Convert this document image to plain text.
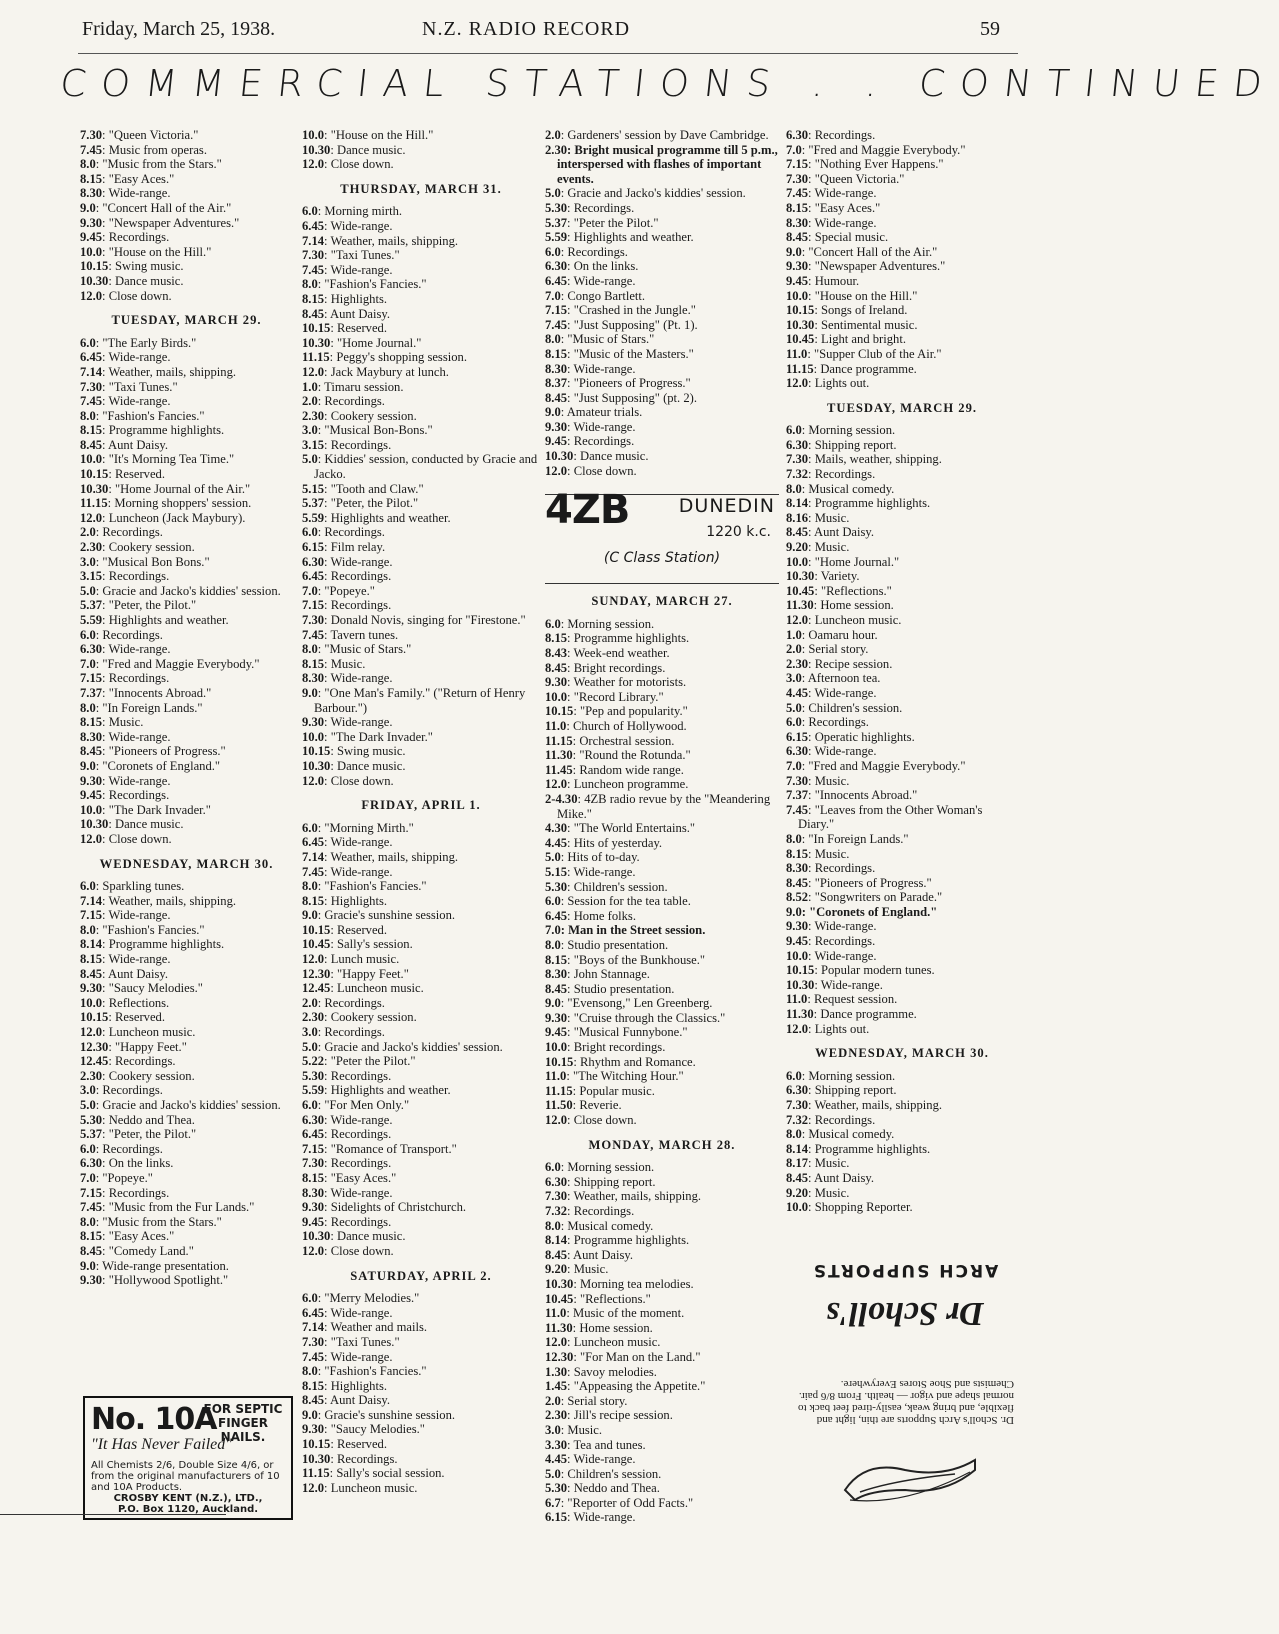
Friday, March 25, 1938.	N.Z. RADIO RECORD	59
COMMERCIAL STATIONS . . CONTINUED

7.30: "Queen Victoria."

7.45: Music from operas.

8.0: "Music from the Stars."

8.15: "Easy Aces."

8.30: Wide-range.

9.0: "Concert Hall of the Air."

9.30: "Newspaper Adventures."

9.45: Recordings.

10.0: "House on the Hill."

10.15: Swing music.

10.30: Dance music.

12.0: Close down.

TUESDAY, MARCH 29.

6.0: "The Early Birds."

6.45: Wide-range.

7.14: Weather, mails, shipping.

7.30: "Taxi Tunes."

7.45: Wide-range.

8.0: "Fashion's Fancies."

8.15: Programme highlights.

8.45: Aunt Daisy.

10.0: "It's Morning Tea Time."

10.15: Reserved.

10.30: "Home Journal of the Air."

11.15: Morning shoppers' session.

12.0: Luncheon (Jack Maybury).

2.0: Recordings.

2.30: Cookery session.

3.0: "Musical Bon Bons."

3.15: Recordings.

5.0: Gracie and Jacko's kiddies' session.

5.37: "Peter, the Pilot."

5.59: Highlights and weather.

6.0: Recordings.

6.30: Wide-range.

7.0: "Fred and Maggie Everybody."

7.15: Recordings.

7.37: "Innocents Abroad."

8.0: "In Foreign Lands."

8.15: Music.

8.30: Wide-range.

8.45: "Pioneers of Progress."

9.0: "Coronets of England."

9.30: Wide-range.

9.45: Recordings.

10.0: "The Dark Invader."

10.30: Dance music.

12.0: Close down.

WEDNESDAY, MARCH 30.

6.0: Sparkling tunes.

7.14: Weather, mails, shipping.

7.15: Wide-range.

8.0: "Fashion's Fancies."

8.14: Programme highlights.

8.15: Wide-range.

8.45: Aunt Daisy.

9.30: "Saucy Melodies."

10.0: Reflections.

10.15: Reserved.

12.0: Luncheon music.

12.30: "Happy Feet."

12.45: Recordings.

2.30: Cookery session.

3.0: Recordings.

5.0: Gracie and Jacko's kiddies' session.

5.30: Neddo and Thea.

5.37: "Peter, the Pilot."

6.0: Recordings.

6.30: On the links.

7.0: "Popeye."

7.15: Recordings.

7.45: "Music from the Fur Lands."

8.0: "Music from the Stars."

8.15: "Easy Aces."

8.45: "Comedy Land."

9.0: Wide-range presentation.

9.30: "Hollywood Spotlight."

10.0: "House on the Hill."

10.30: Dance music.

12.0: Close down.

THURSDAY, MARCH 31.

6.0: Morning mirth.

6.45: Wide-range.

7.14: Weather, mails, shipping.

7.30: "Taxi Tunes."

7.45: Wide-range.

8.0: "Fashion's Fancies."

8.15: Highlights.

8.45: Aunt Daisy.

10.15: Reserved.

10.30: "Home Journal."

11.15: Peggy's shopping session.

12.0: Jack Maybury at lunch.

1.0: Timaru session.

2.0: Recordings.

2.30: Cookery session.

3.0: "Musical Bon-Bons."

3.15: Recordings.

5.0: Kiddies' session, conducted by Gracie and Jacko.

5.15: "Tooth and Claw."

5.37: "Peter, the Pilot."

5.59: Highlights and weather.

6.0: Recordings.

6.15: Film relay.

6.30: Wide-range.

6.45: Recordings.

7.0: "Popeye."

7.15: Recordings.

7.30: Donald Novis, singing for "Firestone."

7.45: Tavern tunes.

8.0: "Music of Stars."

8.15: Music.

8.30: Wide-range.

9.0: "One Man's Family." ("Return of Henry Barbour.")

9.30: Wide-range.

10.0: "The Dark Invader."

10.15: Swing music.

10.30: Dance music.

12.0: Close down.

FRIDAY, APRIL 1.

6.0: "Morning Mirth."

6.45: Wide-range.

7.14: Weather, mails, shipping.

7.45: Wide-range.

8.0: "Fashion's Fancies."

8.15: Highlights.

9.0: Gracie's sunshine session.

10.15: Reserved.

10.45: Sally's session.

12.0: Lunch music.

12.30: "Happy Feet."

12.45: Luncheon music.

2.0: Recordings.

2.30: Cookery session.

3.0: Recordings.

5.0: Gracie and Jacko's kiddies' session.

5.22: "Peter the Pilot."

5.30: Recordings.

5.59: Highlights and weather.

6.0: "For Men Only."

6.30: Wide-range.

6.45: Recordings.

7.15: "Romance of Transport."

7.30: Recordings.

8.15: "Easy Aces."

8.30: Wide-range.

9.30: Sidelights of Christchurch.

9.45: Recordings.

10.30: Dance music.

12.0: Close down.

SATURDAY, APRIL 2.

6.0: "Merry Melodies."

6.45: Wide-range.

7.14: Weather and mails.

7.30: "Taxi Tunes."

7.45: Wide-range.

8.0: "Fashion's Fancies."

8.15: Highlights.

8.45: Aunt Daisy.

9.0: Gracie's sunshine session.

9.30: "Saucy Melodies."

10.15: Reserved.

10.30: Recordings.

11.15: Sally's social session.

12.0: Luncheon music.

2.0: Gardeners' session by Dave Cambridge.

2.30: Bright musical programme till 5 p.m., interspersed with flashes of important events.

5.0: Gracie and Jacko's kiddies' session.

5.30: Recordings.

5.37: "Peter the Pilot."

5.59: Highlights and weather.

6.0: Recordings.

6.30: On the links.

6.45: Wide-range.

7.0: Congo Bartlett.

7.15: "Crashed in the Jungle."

7.45: "Just Supposing" (Pt. 1).

8.0: "Music of Stars."

8.15: "Music of the Masters."

8.30: Wide-range.

8.37: "Pioneers of Progress."

8.45: "Just Supposing" (pt. 2).

9.0: Amateur trials.

9.30: Wide-range.

9.45: Recordings.

10.30: Dance music.

12.0: Close down.

4ZB	DUNEDIN
1220 k.c.
(C Class Station)
SUNDAY, MARCH 27.

6.0: Morning session.

8.15: Programme highlights.

8.43: Week-end weather.

8.45: Bright recordings.

9.30: Weather for motorists.

10.0: "Record Library."

10.15: "Pep and popularity."

11.0: Church of Hollywood.

11.15: Orchestral session.

11.30: "Round the Rotunda."

11.45: Random wide range.

12.0: Luncheon programme.

2-4.30: 4ZB radio revue by the "Meandering Mike."

4.30: "The World Entertains."

4.45: Hits of yesterday.

5.0: Hits of to-day.

5.15: Wide-range.

5.30: Children's session.

6.0: Session for the tea table.

6.45: Home folks.

7.0: Man in the Street session.

8.0: Studio presentation.

8.15: "Boys of the Bunkhouse."

8.30: John Stannage.

8.45: Studio presentation.

9.0: "Evensong," Len Greenberg.

9.30: "Cruise through the Classics."

9.45: "Musical Funnybone."

10.0: Bright recordings.

10.15: Rhythm and Romance.

11.0: "The Witching Hour."

11.15: Popular music.

11.50: Reverie.

12.0: Close down.

MONDAY, MARCH 28.

6.0: Morning session.

6.30: Shipping report.

7.30: Weather, mails, shipping.

7.32: Recordings.

8.0: Musical comedy.

8.14: Programme highlights.

8.45: Aunt Daisy.

9.20: Music.

10.30: Morning tea melodies.

10.45: "Reflections."

11.0: Music of the moment.

11.30: Home session.

12.0: Luncheon music.

12.30: "For Man on the Land."

1.30: Savoy melodies.

1.45: "Appeasing the Appetite."

2.0: Serial story.

2.30: Jill's recipe session.

3.0: Music.

3.30: Tea and tunes.

4.45: Wide-range.

5.0: Children's session.

5.30: Neddo and Thea.

6.7: "Reporter of Odd Facts."

6.15: Wide-range.

6.30: Recordings.

7.0: "Fred and Maggie Everybody."

7.15: "Nothing Ever Happens."

7.30: "Queen Victoria."

7.45: Wide-range.

8.15: "Easy Aces."

8.30: Wide-range.

8.45: Special music.

9.0: "Concert Hall of the Air."

9.30: "Newspaper Adventures."

9.45: Humour.

10.0: "House on the Hill."

10.15: Songs of Ireland.

10.30: Sentimental music.

10.45: Light and bright.

11.0: "Supper Club of the Air."

11.15: Dance programme.

12.0: Lights out.

TUESDAY, MARCH 29.

6.0: Morning session.

6.30: Shipping report.

7.30: Mails, weather, shipping.

7.32: Recordings.

8.0: Musical comedy.

8.14: Programme highlights.

8.16: Music.

8.45: Aunt Daisy.

9.20: Music.

10.0: "Home Journal."

10.30: Variety.

10.45: "Reflections."

11.30: Home session.

12.0: Luncheon music.

1.0: Oamaru hour.

2.0: Serial story.

2.30: Recipe session.

3.0: Afternoon tea.

4.45: Wide-range.

5.0: Children's session.

6.0: Recordings.

6.15: Operatic highlights.

6.30: Wide-range.

7.0: "Fred and Maggie Everybody."

7.30: Music.

7.37: "Innocents Abroad."

7.45: "Leaves from the Other Woman's Diary."

8.0: "In Foreign Lands."

8.15: Music.

8.30: Recordings.

8.45: "Pioneers of Progress."

8.52: "Songwriters on Parade."

9.0: "Coronets of England."

9.30: Wide-range.

9.45: Recordings.

10.0: Wide-range.

10.15: Popular modern tunes.

10.30: Wide-range.

11.0: Request session.

11.30: Dance programme.

12.0: Lights out.

WEDNESDAY, MARCH 30.

6.0: Morning session.

6.30: Shipping report.

7.30: Weather, mails, shipping.

7.32: Recordings.

8.0: Musical comedy.

8.14: Programme highlights.

8.17: Music.

8.45: Aunt Daisy.

9.20: Music.

10.0: Shopping Reporter.

No. 10A
FOR SEPTIC FINGER NAILS.
"It Has Never Failed"
All Chemists 2/6, Double Size 4/6, or from the original manufacturers of 10 and 10A Products.
CROSBY KENT (N.Z.), LTD.,
P.O. Box 1120, Auckland.
ARCH SUPPORTS
Dr Scholl's
Dr. Scholl's Arch Supports are thin, light and flexible, and bring weak, easily-tired feet back to normal shape and vigor — health. From 8/6 pair. Chemists and Shoe Stores Everywhere.
